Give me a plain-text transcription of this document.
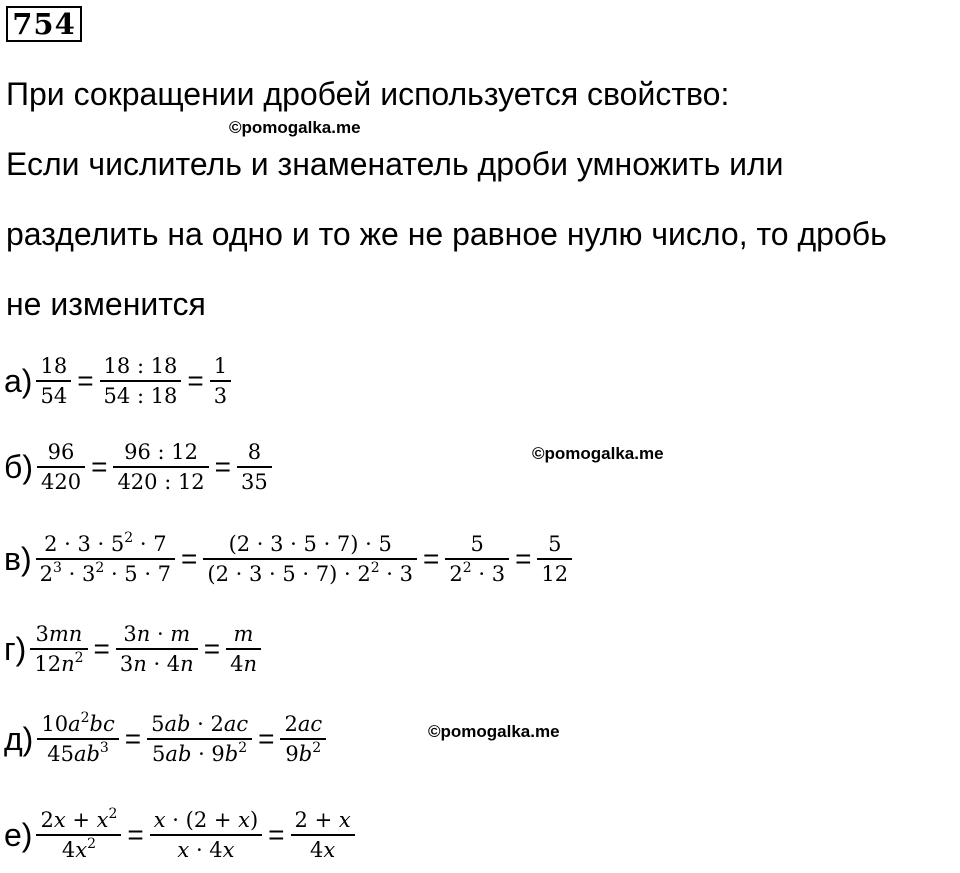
754
При сокращении дробей используется свойство:
©pomogalka.me
Если числитель и знаменатель дроби умножить или
разделить на одно и то же не равное нулю число, то дробь
не изменится
$а) \frac{18}{54} = \frac{18 : 18}{54 : 18} = \frac{1}{3}$
$б) \frac{96}{420} = \frac{96 : 12}{420 : 12} = \frac{8}{35}$	©pomogalka.me
$в) \frac{2 \cdot 3 \cdot 5^2 \cdot 7}{2^3 \cdot 3^2 \cdot 5 \cdot 7} = \frac{(2 \cdot 3 \cdot 5 \cdot 7) \cdot 5}{(2 \cdot 3 \cdot 5 \cdot 7) \cdot 2^2 \cdot 3} = \frac{5}{2^2 \cdot 3} = \frac{5}{12}$
$г) \frac{3mn}{12n^2} = \frac{3n \cdot m}{3n \cdot 4n} = \frac{m}{4n}$
$д) \frac{10a^2bc}{45ab^3} = \frac{5ab \cdot 2ac}{5ab \cdot 9b^2} = \frac{2ac}{9b^2}$	©pomogalka.me
$е) \frac{2x + x^2}{4x^2} = \frac{x \cdot (2 + x)}{x \cdot 4x} = \frac{2 + x}{4x}$
